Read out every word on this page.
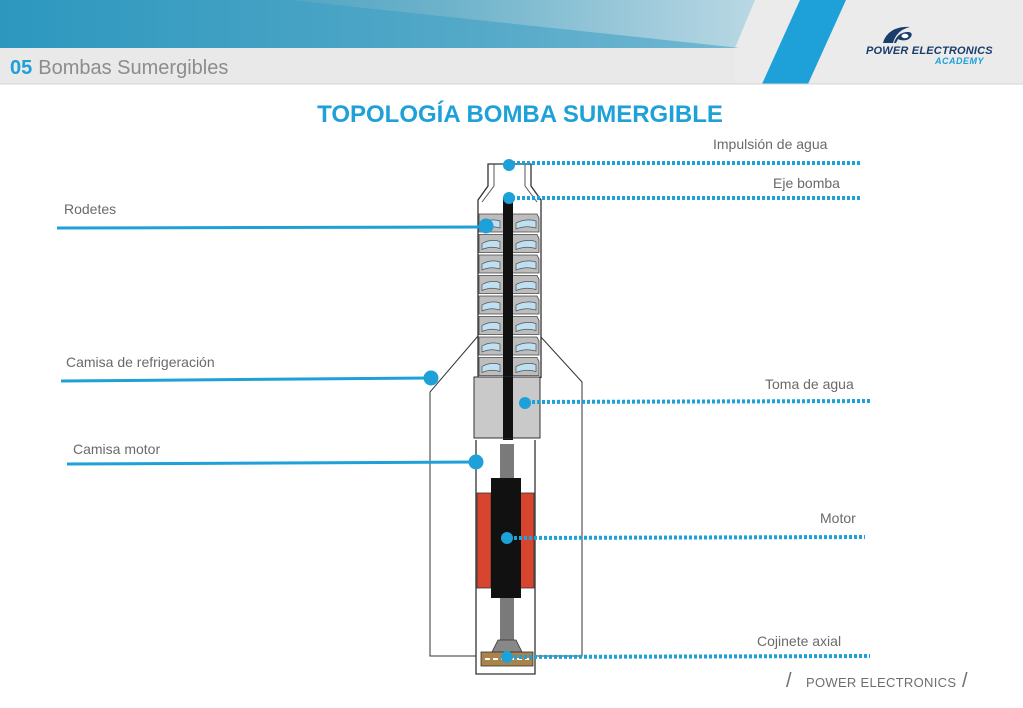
05 Bombas Sumergibles
POWER ELECTRONICS
ACADEMY
TOPOLOGÍA BOMBA SUMERGIBLE
Impulsión de agua
Eje bomba
Rodetes
Camisa de refrigeración
Toma de agua
Camisa motor
Motor
Cojinete axial
/ POWER ELECTRONICS /
